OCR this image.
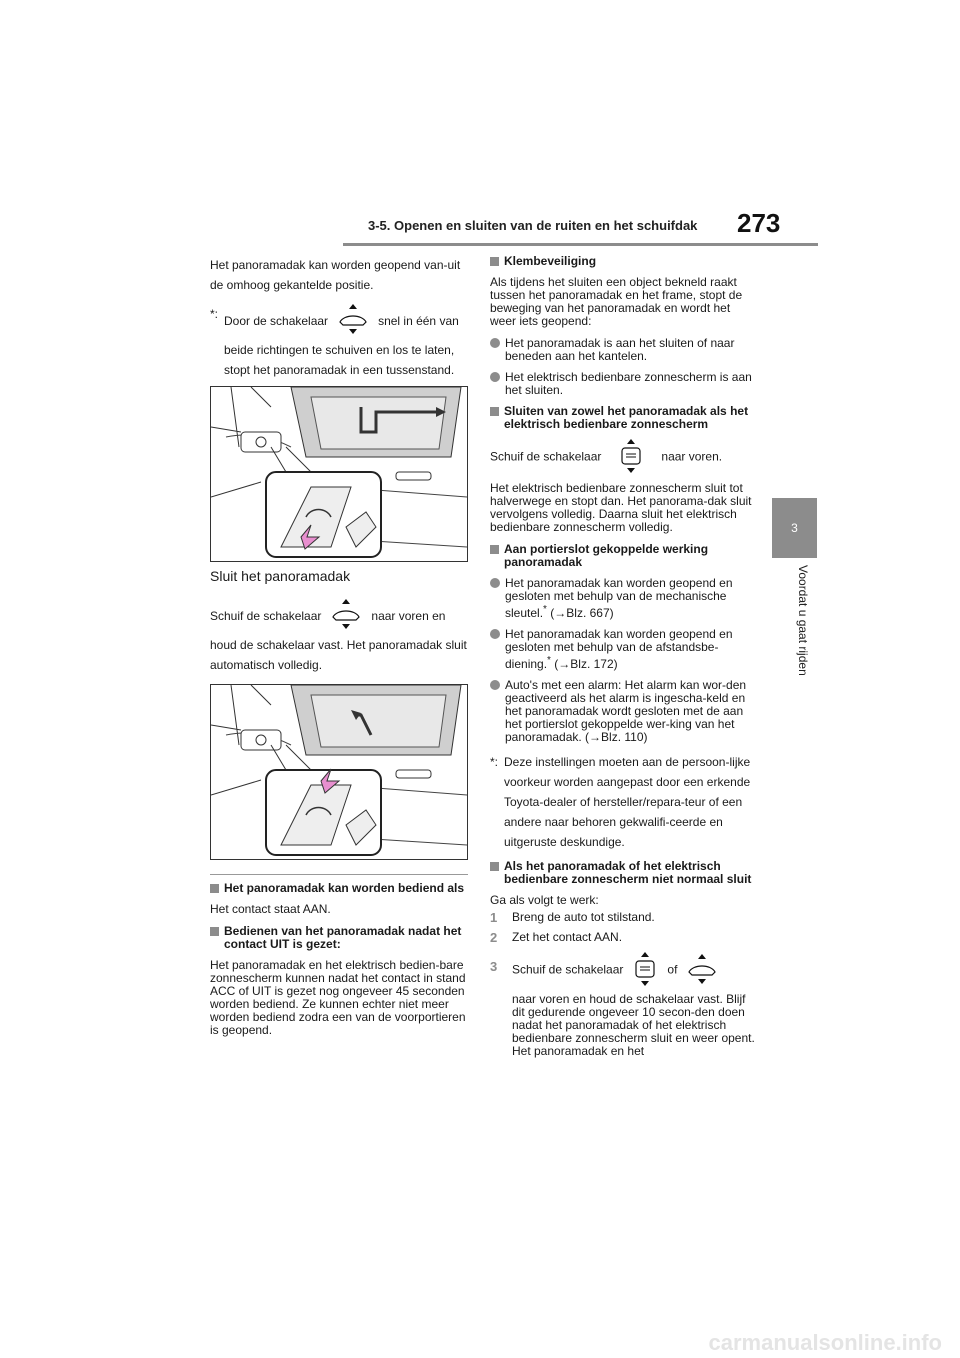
3-5. Openen en sluiten van de ruiten en het schuifdak 273
3
Voordat u gaat rijden

Het panoramadak kan worden geopend van-uit de omhoog gekantelde positie.

*:
Door de schakelaar	snel in één van
beide richtingen te schuiven en los te laten, stopt het panoramadak in een tussenstand.
Sluit het panoramadak

Schuif de schakelaar	naar voren en
houd de schakelaar vast. Het panoramadak sluit automatisch volledig.

Het panoramadak kan worden bediend als

Het contact staat AAN.

Bedienen van het panoramadak nadat het contact UIT is gezet:

Het panoramadak en het elektrisch bedien-bare zonnescherm kunnen nadat het contact in stand ACC of UIT is gezet nog ongeveer 45 seconden worden bediend. Ze kunnen echter niet meer worden bediend zodra een van de voorportieren is geopend.

Klembeveiliging

Als tijdens het sluiten een object bekneld raakt tussen het panoramadak en het frame, stopt de beweging van het panoramadak en wordt het weer iets geopend:

Het panoramadak is aan het sluiten of naar beneden aan het kantelen.
Het elektrisch bedienbare zonnescherm is aan het sluiten.
Sluiten van zowel het panoramadak als het elektrisch bedienbare zonnescherm

Schuif de schakelaar	naar voren.

Het elektrisch bedienbare zonnescherm sluit tot halverwege en stopt dan. Het panorama-dak sluit vervolgens volledig. Daarna sluit het elektrisch bedienbare zonnescherm volledig.

Aan portierslot gekoppelde werking panoramadak
Het panoramadak kan worden geopend en gesloten met behulp van de mechanische sleutel.* (→Blz. 667)
Het panoramadak kan worden geopend en gesloten met behulp van de afstandsbe-diening.* (→Blz. 172)
Auto's met een alarm: Het alarm kan wor-den geactiveerd als het alarm is ingescha-keld en het panoramadak wordt gesloten met de aan het portierslot gekoppelde wer-king van het panoramadak. (→Blz. 110)
*: Deze instellingen moeten aan de persoon-lijke voorkeur worden aangepast door een erkende Toyota-dealer of hersteller/repara-teur of een andere naar behoren gekwalifi-ceerde en uitgeruste deskundige.
Als het panoramadak of het elektrisch bedienbare zonnescherm niet normaal sluit

Ga als volgt te werk:

1	Breng de auto tot stilstand.
2	Zet het contact AAN.
3	Schuif de schakelaar	of
naar voren en houd de schakelaar vast. Blijf dit gedurende ongeveer 10 secon-den doen nadat het panoramadak of het elektrisch bedienbare zonnescherm sluit en weer opent. Het panoramadak en het
carmanualsonline.info
